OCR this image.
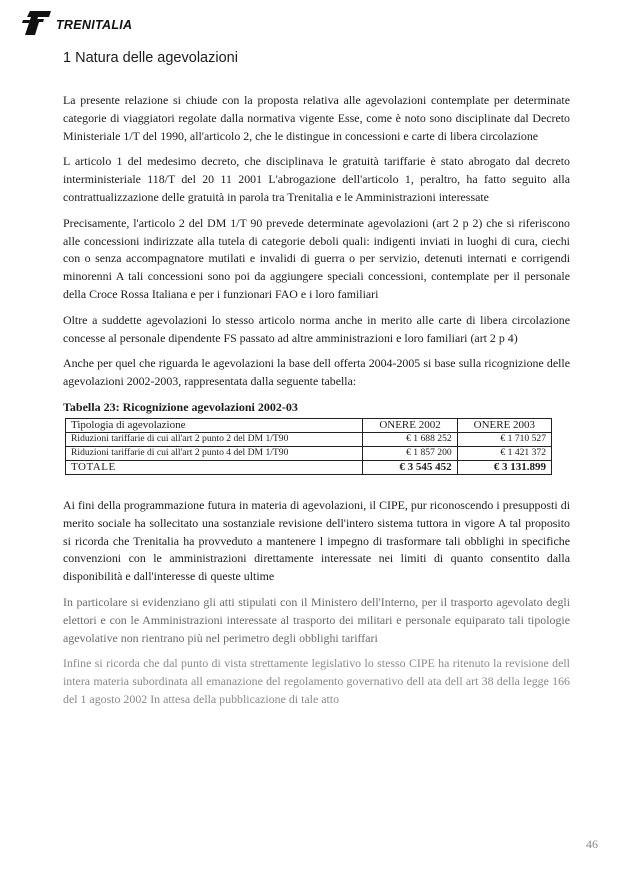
TRENITALIA
1 Natura delle agevolazioni

La presente relazione si chiude con la proposta relativa alle agevolazioni contemplate per determinate categorie di viaggiatori regolate dalla normativa vigente Esse, come è noto sono disciplinate dal Decreto Ministeriale 1/T del 1990, all'articolo 2, che le distingue in concessioni e carte di libera circolazione

L articolo 1 del medesimo decreto, che disciplinava le gratuità tariffarie è stato abrogato dal decreto interministeriale 118/T del 20 11 2001 L'abrogazione dell'articolo 1, peraltro, ha fatto seguito alla contrattualizzazione delle gratuità in parola tra Trenitalia e le Amministrazioni interessate

Precisamente, l'articolo 2 del DM 1/T 90 prevede determinate agevolazioni (art 2 p 2) che si riferiscono alle concessioni indirizzate alla tutela di categorie deboli quali: indigenti inviati in luoghi di cura, ciechi con o senza accompagnatore mutilati e invalidi di guerra o per servizio, detenuti internati e corrigendi minorenni A tali concessioni sono poi da aggiungere speciali concessioni, contemplate per il personale della Croce Rossa Italiana e per i funzionari FAO e i loro familiari

Oltre a suddette agevolazioni lo stesso articolo norma anche in merito alle carte di libera circolazione concesse al personale dipendente FS passato ad altre amministrazioni e loro familiari (art 2 p 4)

Anche per quel che riguarda le agevolazioni la base dell offerta 2004-2005 si base sulla ricognizione delle agevolazioni 2002-2003, rappresentata dalla seguente tabella:

Tabella 23: Ricognizione agevolazioni 2002-03
Tipologia di agevolazione	ONERE 2002	ONERE 2003
Riduzioni tariffarie di cui all'art 2 punto 2 del DM 1/T90	€ 1 688 252	€ 1 710 527
Riduzioni tariffarie di cui all'art 2 punto 4 del DM 1/T90	€ 1 857 200	€ 1 421 372
TOTALE	€ 3 545 452	€ 3 131.899

Ai fini della programmazione futura in materia di agevolazioni, il CIPE, pur riconoscendo i presupposti di merito sociale ha sollecitato una sostanziale revisione dell'intero sistema tuttora in vigore A tal proposito si ricorda che Trenitalia ha provveduto a mantenere l impegno di trasformare tali obblighi in specifiche convenzioni con le amministrazioni direttamente interessate nei limiti di quanto consentito dalla disponibilità e dall'interesse di queste ultime

In particolare si evidenziano gli atti stipulati con il Ministero dell'Interno, per il trasporto agevolato degli elettori e con le Amministrazioni interessate al trasporto dei militari e personale equiparato tali tipologie agevolative non rientrano più nel perimetro degli obblighi tariffari

Infine si ricorda che dal punto di vista strettamente legislativo lo stesso CIPE ha ritenuto la revisione dell intera materia subordinata all emanazione del regolamento governativo dell ata dell art 38 della legge 166 del 1 agosto 2002 In attesa della pubblicazione di tale atto

46
